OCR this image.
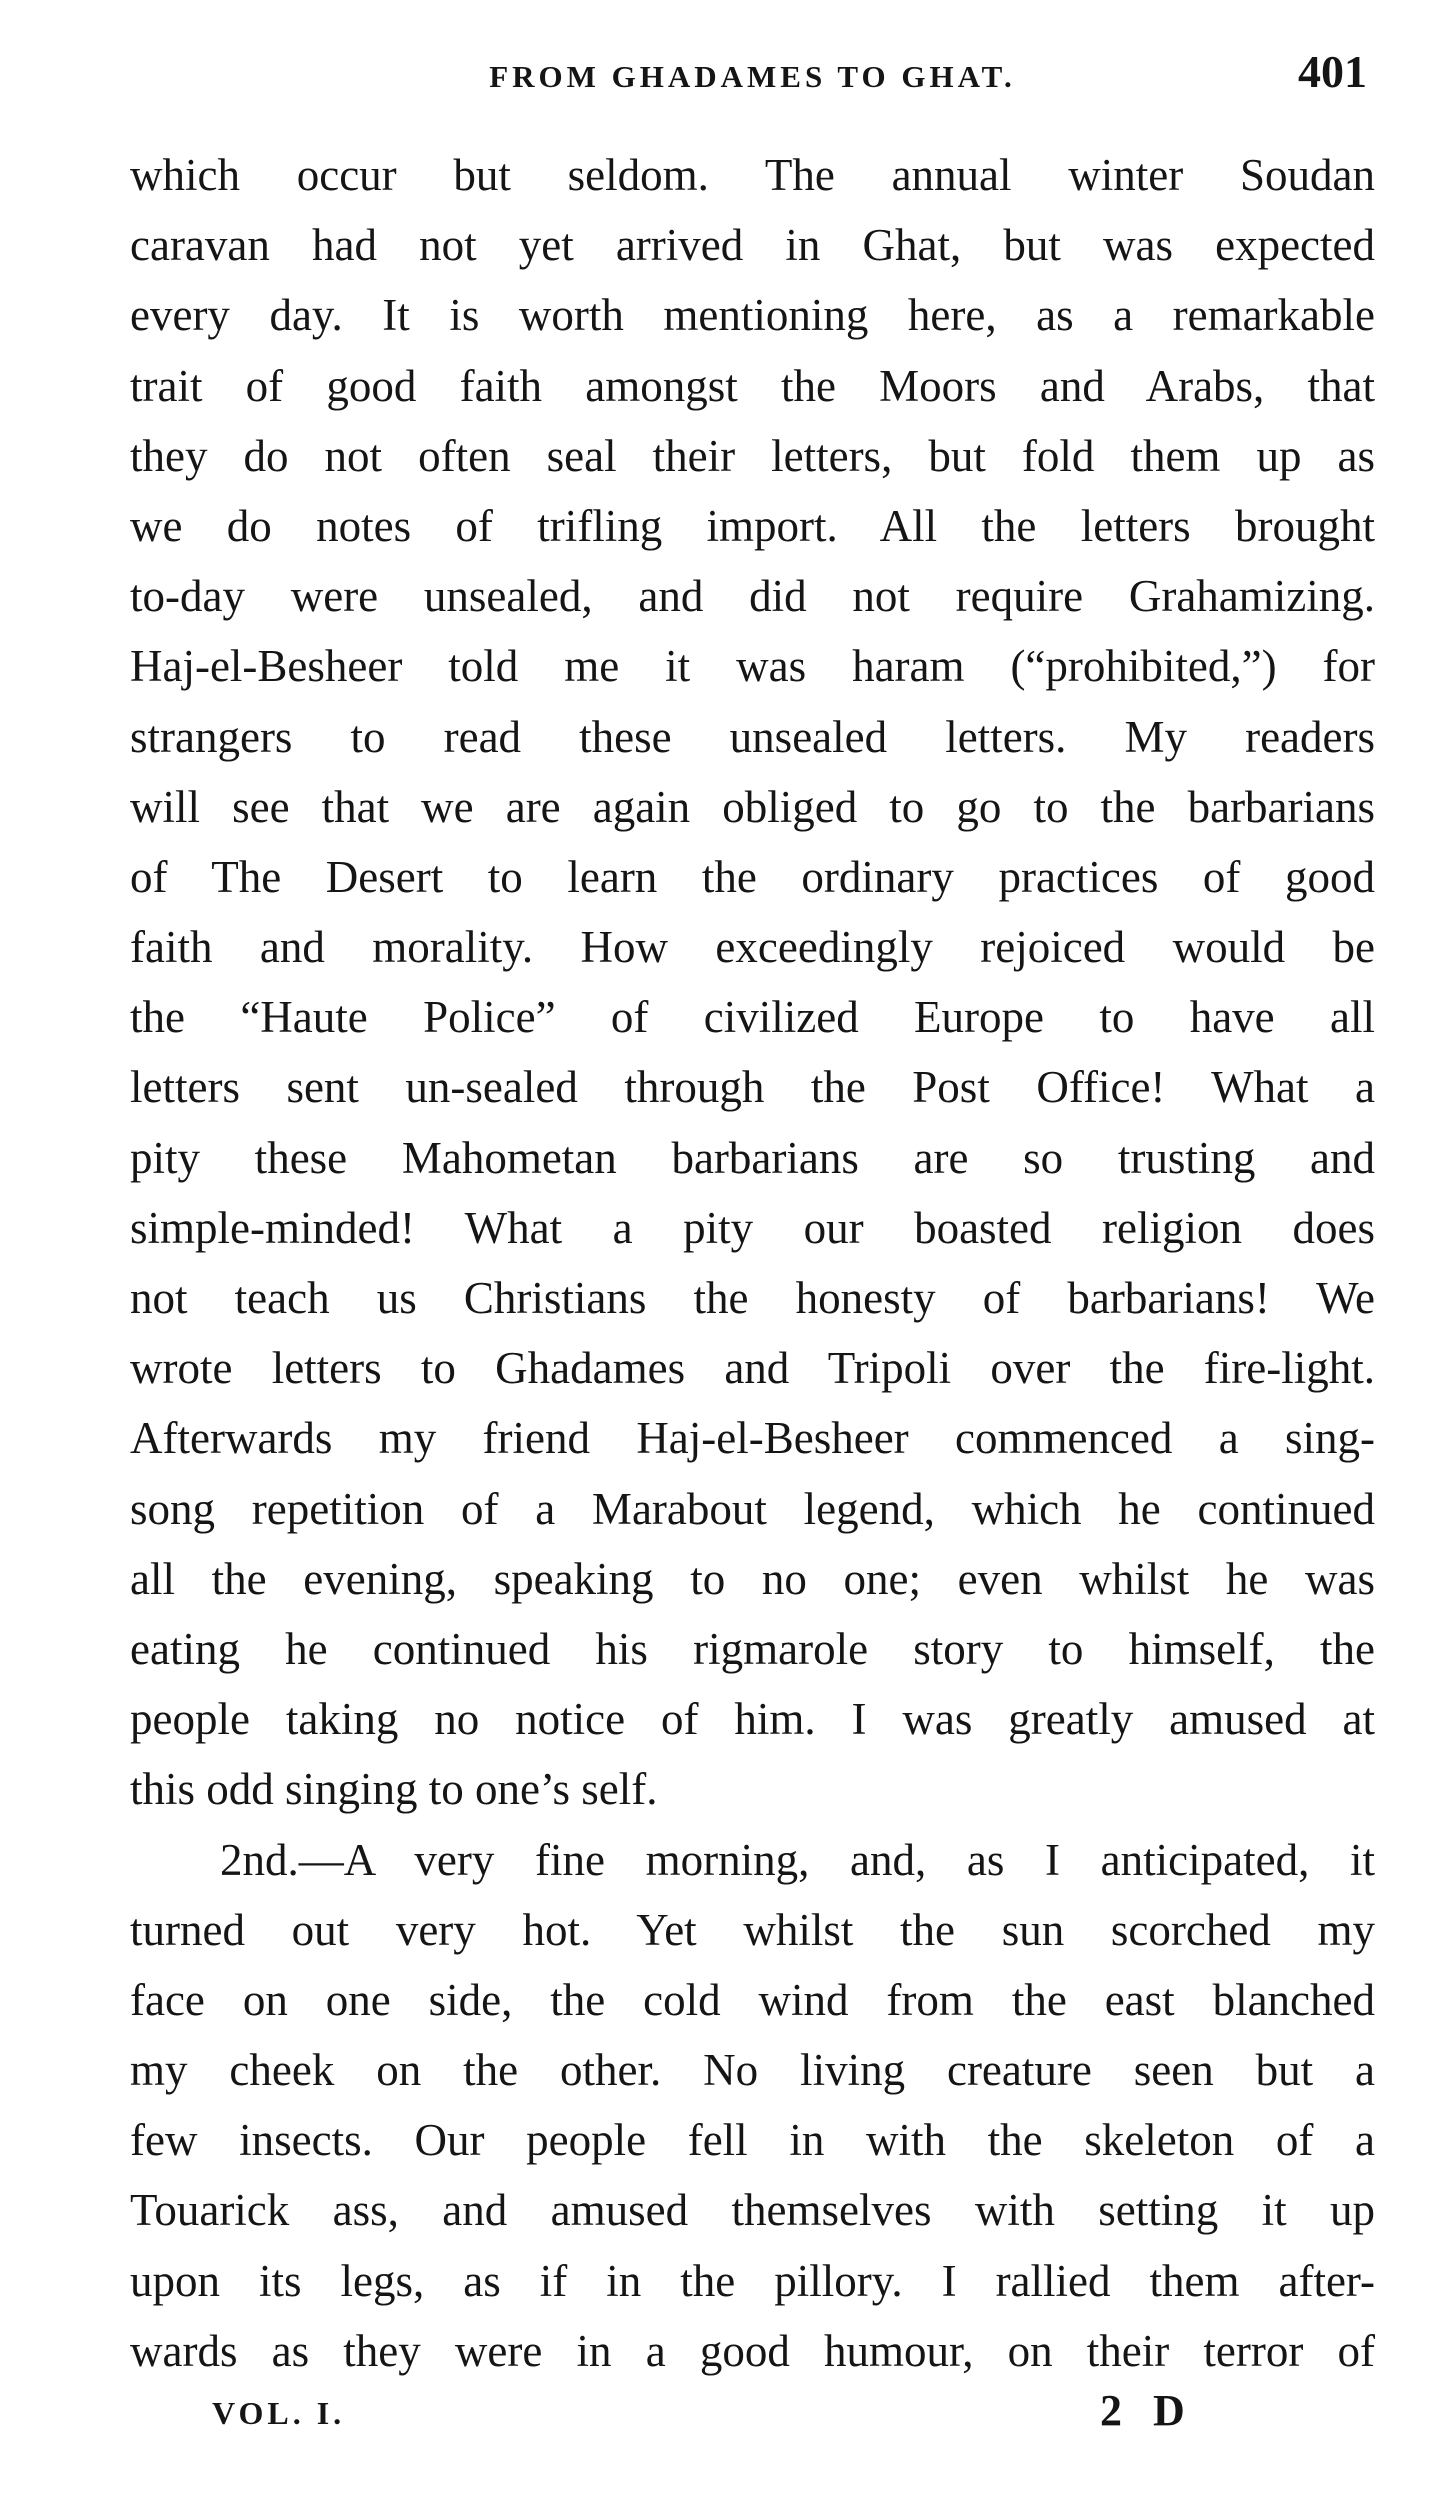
FROM GHADAMES TO GHAT.	401
which occur but seldom. The annual winter Soudan
caravan had not yet arrived in Ghat, but was expected
every day. It is worth mentioning here, as a remarkable
trait of good faith amongst the Moors and Arabs, that
they do not often seal their letters, but fold them up as
we do notes of trifling import. All the letters brought
to-day were unsealed, and did not require Grahamizing.
Haj-el-Besheer told me it was haram (“prohibited,”) for
strangers to read these unsealed letters. My readers
will see that we are again obliged to go to the barbarians
of The Desert to learn the ordinary practices of good
faith and morality. How exceedingly rejoiced would be
the “Haute Police” of civilized Europe to have all
letters sent un-sealed through the Post Office! What a
pity these Mahometan barbarians are so trusting and
simple-minded! What a pity our boasted religion does
not teach us Christians the honesty of barbarians! We
wrote letters to Ghadames and Tripoli over the fire-light.
Afterwards my friend Haj-el-Besheer commenced a sing-
song repetition of a Marabout legend, which he continued
all the evening, speaking to no one; even whilst he was
eating he continued his rigmarole story to himself, the
people taking no notice of him. I was greatly amused at
this odd singing to one’s self.
2nd.—A very fine morning, and, as I anticipated, it
turned out very hot. Yet whilst the sun scorched my
face on one side, the cold wind from the east blanched
my cheek on the other. No living creature seen but a
few insects. Our people fell in with the skeleton of a
Touarick ass, and amused themselves with setting it up
upon its legs, as if in the pillory. I rallied them after-
wards as they were in a good humour, on their terror of
VOL. I.	2 D
